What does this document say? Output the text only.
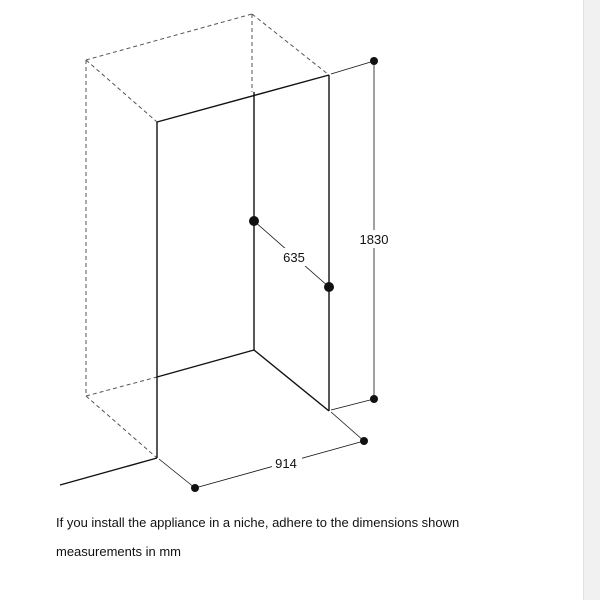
1830
635
914
If you install the appliance in a niche, adhere to the dimensions shown
measurements in mm
